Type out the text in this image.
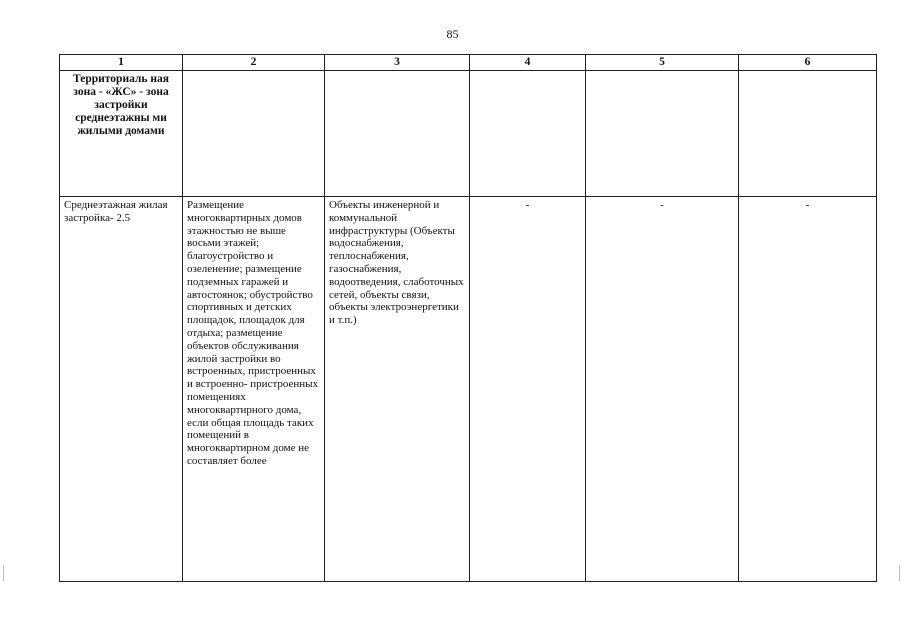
85
1	2	3	4	5	6
Территориаль ная зона - «ЖС» - зона застройки среднеэтажны ми жилыми домами					
Среднеэтажная жилая застройка- 2.5	Размещение многоквартирных домов этажностью не выше восьми этажей; благоустройство и озеленение; размещение подземных гаражей и автостоянок; обустройство спортивных и детских площадок, площадок для отдыха; размещение объектов обслуживания жилой застройки во встроенных, пристроенных и встроенно- пристроенных помещениях многоквартирного дома, если общая площадь таких помещений в многоквартирном доме не составляет более	Объекты инженерной и коммунальной инфраструктуры (Объекты водоснабжения, теплоснабжения, газоснабжения, водоотведения, слаботочных сетей, объекты связи, объекты электроэнергетики и т.п.)	-	-	-
